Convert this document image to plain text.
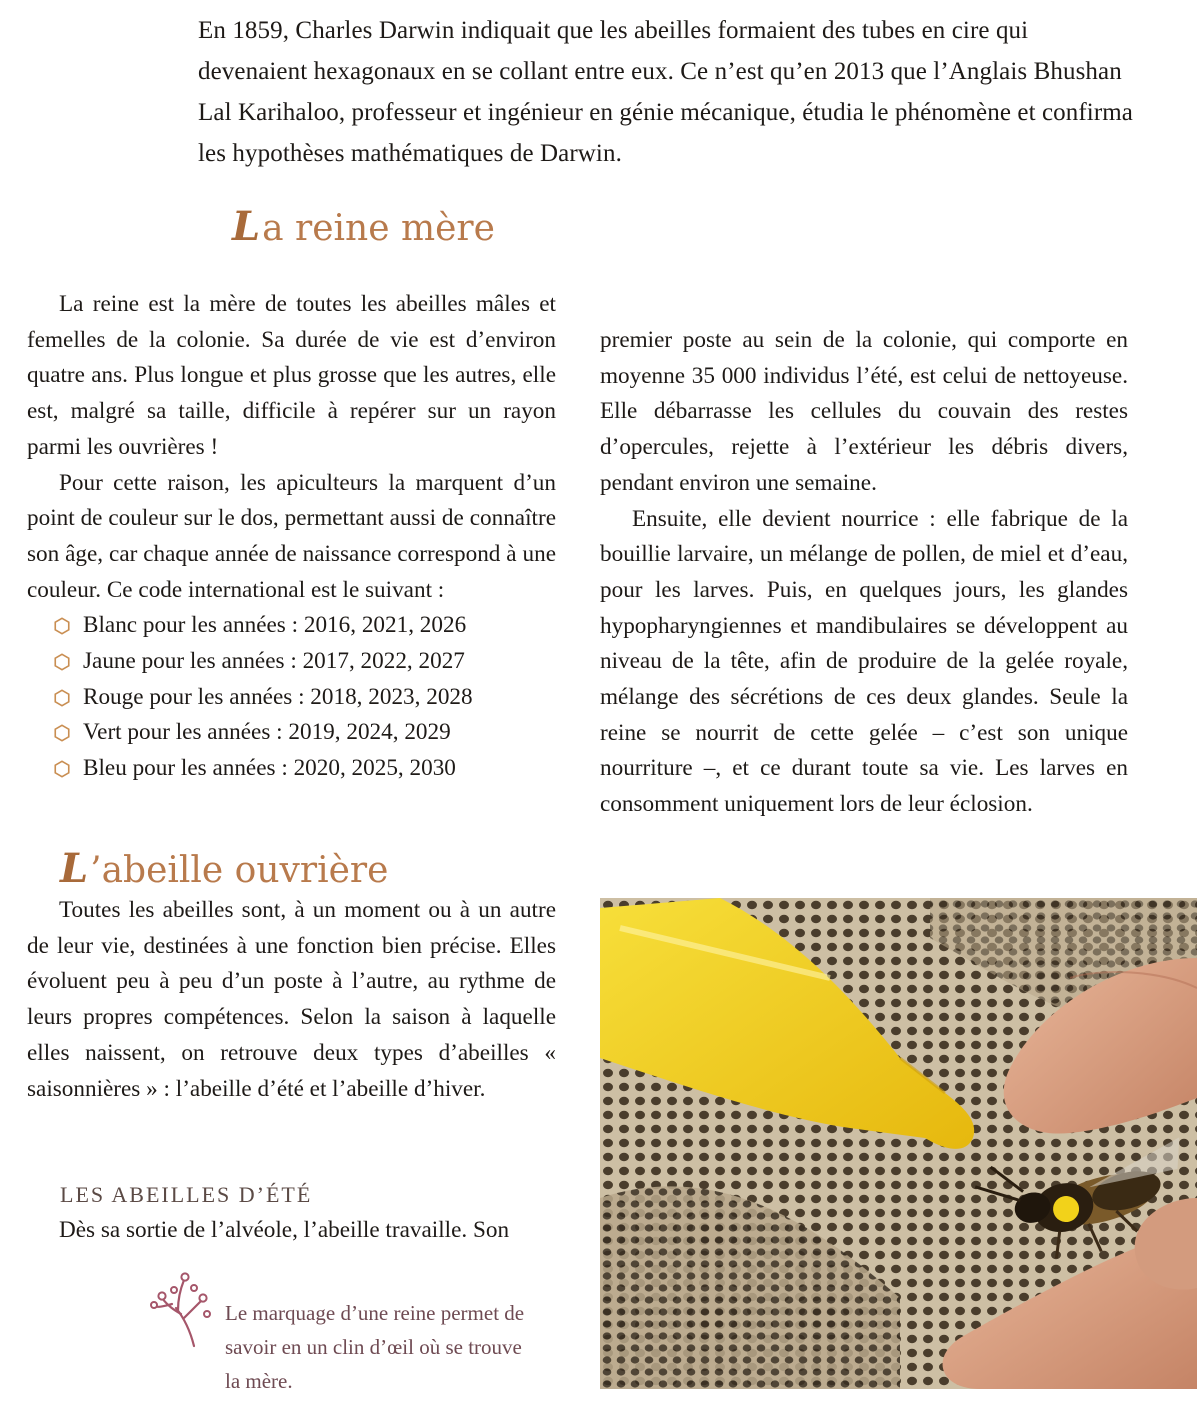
En 1859, Charles Darwin indiquait que les abeilles formaient des tubes en cire qui devenaient hexagonaux en se collant entre eux. Ce n’est qu’en 2013 que l’Anglais Bhushan Lal Karihaloo, professeur et ingénieur en génie mécanique, étudia le phénomène et confirma les hypothèses mathématiques de Darwin.

La reine mère

La reine est la mère de toutes les abeilles mâles et femelles de la colonie. Sa durée de vie est d’environ quatre ans. Plus longue et plus grosse que les autres, elle est, malgré sa taille, difficile à repérer sur un rayon parmi les ouvrières !

Pour cette raison, les apiculteurs la marquent d’un point de couleur sur le dos, permettant aussi de connaître son âge, car chaque année de naissance correspond à une couleur. Ce code international est le suivant :

Blanc pour les années : 2016, 2021, 2026
Jaune pour les années : 2017, 2022, 2027
Rouge pour les années : 2018, 2023, 2028
Vert pour les années : 2019, 2024, 2029
Bleu pour les années : 2020, 2025, 2030
L’abeille ouvrière

Toutes les abeilles sont, à un moment ou à un autre de leur vie, destinées à une fonction bien précise. Elles évoluent peu à peu d’un poste à l’autre, au rythme de leurs propres compétences. Selon la saison à laquelle elles naissent, on retrouve deux types d’abeilles « saisonnières » : l’abeille d’été et l’abeille d’hiver.

LES ABEILLES D’ÉTÉ

Dès sa sortie de l’alvéole, l’abeille travaille. Son

premier poste au sein de la colonie, qui comporte en moyenne 35 000 individus l’été, est celui de nettoyeuse. Elle débarrasse les cellules du couvain des restes d’opercules, rejette à l’extérieur les débris divers, pendant environ une semaine.

Ensuite, elle devient nourrice : elle fabrique de la bouillie larvaire, un mélange de pollen, de miel et d’eau, pour les larves. Puis, en quelques jours, les glandes hypopharyngiennes et mandibulaires se développent au niveau de la tête, afin de produire de la gelée royale, mélange des sécrétions de ces deux glandes. Seule la reine se nourrit de cette gelée – c’est son unique nourriture –, et ce durant toute sa vie. Les larves en consomment uniquement lors de leur éclosion.

Le marquage d’une reine permet de savoir en un clin d’œil où se trouve la mère.
